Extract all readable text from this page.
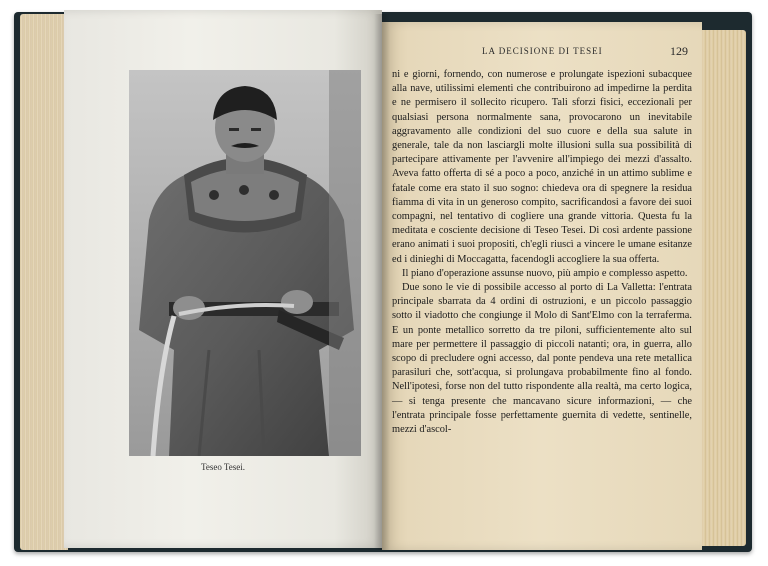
Teseo Tesei.
LA DECISIONE DI TESEI	129

ni e giorni, fornendo, con numerose e prolungate ispezioni subacquee alla nave, utilissimi elementi che contribuirono ad impedirne la perdita e ne permisero il sollecito ricupero. Tali sforzi fisici, eccezionali per qualsiasi persona normalmente sana, provocarono un inevitabile aggravamento alle condizioni del suo cuore e della sua salute in generale, tale da non lasciargli molte illusioni sulla sua possibilità di partecipare attivamente per l'avvenire all'impiego dei mezzi d'assalto. Aveva fatto offerta di sé a poco a poco, anziché in un attimo sublime e fatale come era stato il suo sogno: chiedeva ora di spegnere la residua fiamma di vita in un generoso compito, sacrificandosi a favore dei suoi compagni, nel tentativo di cogliere una grande vittoria. Questa fu la meditata e cosciente decisione di Teseo Tesei. Di così ardente passione erano animati i suoi propositi, ch'egli riuscì a vincere le umane esitanze ed i dinieghi di Moccagatta, facendogli accogliere la sua offerta.

Il piano d'operazione assunse nuovo, più ampio e complesso aspetto.

Due sono le vie di possibile accesso al porto di La Valletta: l'entrata principale sbarrata da 4 ordini di ostruzioni, e un piccolo passaggio sotto il viadotto che congiunge il Molo di Sant'Elmo con la terraferma. E un ponte metallico sorretto da tre piloni, sufficientemente alto sul mare per permettere il passaggio di piccoli natanti; ora, in guerra, allo scopo di precludere ogni accesso, dal ponte pendeva una rete metallica parasiluri che, sott'acqua, si prolungava probabilmente fino al fondo. Nell'ipotesi, forse non del tutto rispondente alla realtà, ma certo logica, — si tenga presente che mancavano sicure informazioni, — che l'entrata principale fosse perfettamente guernita di vedette, sentinelle, mezzi d'ascol-
